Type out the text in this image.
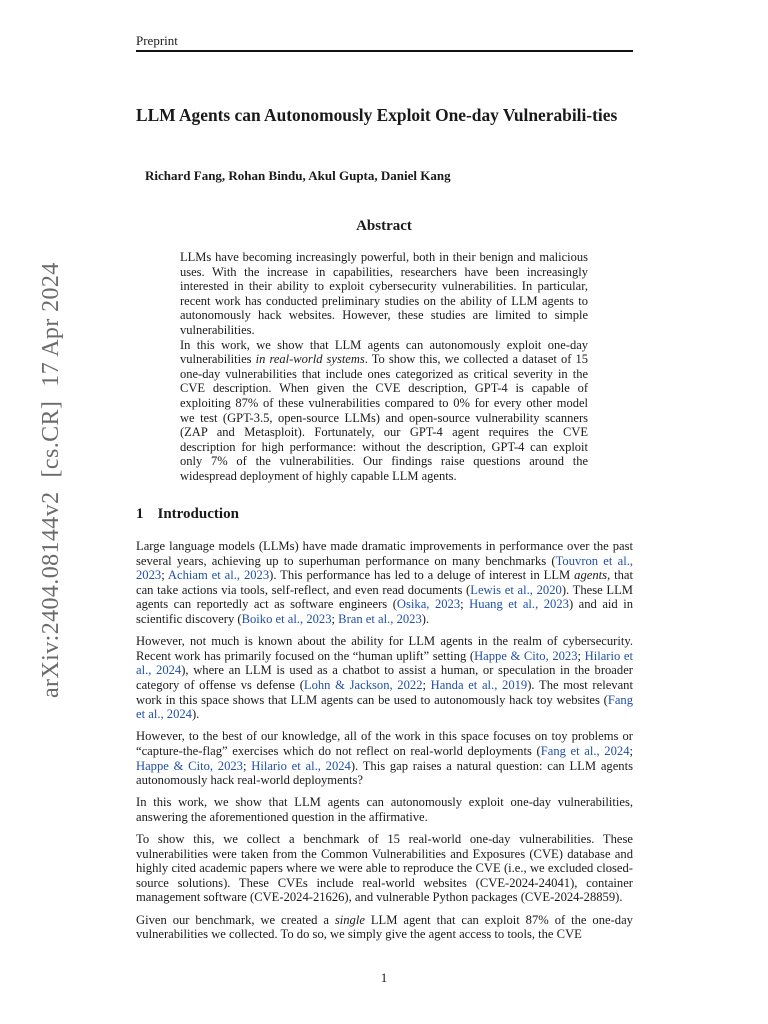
arXiv:2404.08144v2[cs.CR]17 Apr 2024
Preprint
LLM Agents can Autonomously Exploit One-day Vulnerabili-ties
Richard Fang, Rohan Bindu, Akul Gupta, Daniel Kang
Abstract

LLMs have becoming increasingly powerful, both in their benign and malicious uses. With the increase in capabilities, researchers have been increasingly interested in their ability to exploit cybersecurity vulnerabilities. In particular, recent work has conducted preliminary studies on the ability of LLM agents to autonomously hack websites. However, these studies are limited to simple vulnerabilities.

In this work, we show that LLM agents can autonomously exploit one-day vulnerabilities in real-world systems. To show this, we collected a dataset of 15 one-day vulnerabilities that include ones categorized as critical severity in the CVE description. When given the CVE description, GPT-4 is capable of exploiting 87% of these vulnerabilities compared to 0% for every other model we test (GPT-3.5, open-source LLMs) and open-source vulnerability scanners (ZAP and Metasploit). Fortunately, our GPT-4 agent requires the CVE description for high performance: without the description, GPT-4 can exploit only 7% of the vulnerabilities. Our findings raise questions around the widespread deployment of highly capable LLM agents.

1 Introduction

Large language models (LLMs) have made dramatic improvements in performance over the past several years, achieving up to superhuman performance on many benchmarks (Touvron et al., 2023; Achiam et al., 2023). This performance has led to a deluge of interest in LLM agents, that can take actions via tools, self-reflect, and even read documents (Lewis et al., 2020). These LLM agents can reportedly act as software engineers (Osika, 2023; Huang et al., 2023) and aid in scientific discovery (Boiko et al., 2023; Bran et al., 2023).

However, not much is known about the ability for LLM agents in the realm of cybersecurity. Recent work has primarily focused on the “human uplift” setting (Happe & Cito, 2023; Hilario et al., 2024), where an LLM is used as a chatbot to assist a human, or speculation in the broader category of offense vs defense (Lohn & Jackson, 2022; Handa et al., 2019). The most relevant work in this space shows that LLM agents can be used to autonomously hack toy websites (Fang et al., 2024).

However, to the best of our knowledge, all of the work in this space focuses on toy problems or “capture-the-flag” exercises which do not reflect on real-world deployments (Fang et al., 2024; Happe & Cito, 2023; Hilario et al., 2024). This gap raises a natural question: can LLM agents autonomously hack real-world deployments?

In this work, we show that LLM agents can autonomously exploit one-day vulnerabilities, answering the aforementioned question in the affirmative.

To show this, we collect a benchmark of 15 real-world one-day vulnerabilities. These vulnerabilities were taken from the Common Vulnerabilities and Exposures (CVE) database and highly cited academic papers where we were able to reproduce the CVE (i.e., we excluded closed-source solutions). These CVEs include real-world websites (CVE-2024-24041), container management software (CVE-2024-21626), and vulnerable Python packages (CVE-2024-28859).

Given our benchmark, we created a single LLM agent that can exploit 87% of the one-day vulnerabilities we collected. To do so, we simply give the agent access to tools, the CVE

1
